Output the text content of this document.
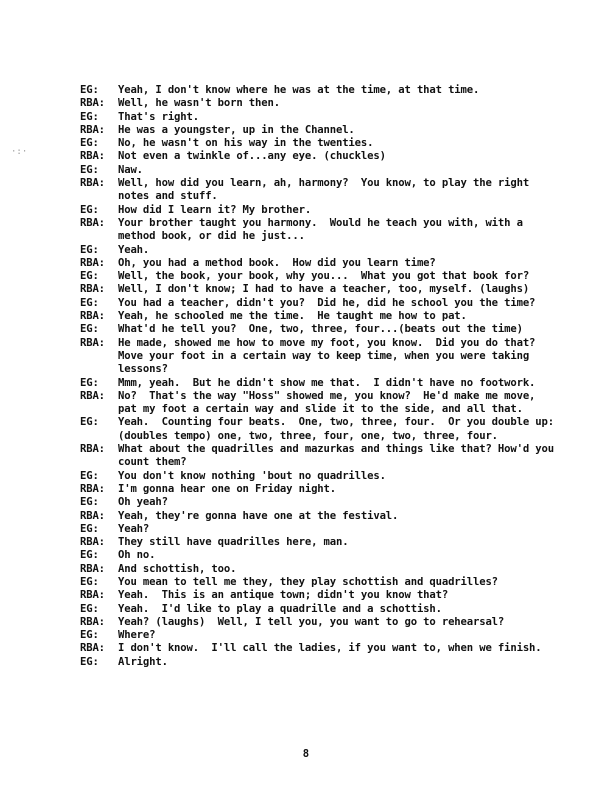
·:·
EG:	Yeah, I don't know where he was at the time, at that time.
RBA:	Well, he wasn't born then.
EG:	That's right.
RBA:	He was a youngster, up in the Channel.
EG:	No, he wasn't on his way in the twenties.
RBA:	Not even a twinkle of...any eye. (chuckles)
EG:	Naw.
RBA:	Well, how did you learn, ah, harmony?  You know, to play the right notes and stuff.
EG:	How did I learn it? My brother.
RBA:	Your brother taught you harmony.  Would he teach you with, with a method book, or did he just...
EG:	Yeah.
RBA:	Oh, you had a method book.  How did you learn time?
EG:	Well, the book, your book, why you...  What you got that book for?
RBA:	Well, I don't know; I had to have a teacher, too, myself. (laughs)
EG:	You had a teacher, didn't you?  Did he, did he school you the time?
RBA:	Yeah, he schooled me the time.  He taught me how to pat.
EG:	What'd he tell you?  One, two, three, four...(beats out the time)
RBA:	He made, showed me how to move my foot, you know.  Did you do that?  Move your foot in a certain way to keep time, when you were taking lessons?
EG:	Mmm, yeah.  But he didn't show me that.  I didn't have no footwork.
RBA:	No?  That's the way "Hoss" showed me, you know?  He'd make me move, pat my foot a certain way and slide it to the side, and all that.
EG:	Yeah.  Counting four beats.  One, two, three, four.  Or you double up: (doubles tempo) one, two, three, four, one, two, three, four.
RBA:	What about the quadrilles and mazurkas and things like that? How'd you count them?
EG:	You don't know nothing 'bout no quadrilles.
RBA:	I'm gonna hear one on Friday night.
EG:	Oh yeah?
RBA:	Yeah, they're gonna have one at the festival.
EG:	Yeah?
RBA:	They still have quadrilles here, man.
EG:	Oh no.
RBA:	And schottish, too.
EG:	You mean to tell me they, they play schottish and quadrilles?
RBA:	Yeah.  This is an antique town; didn't you know that?
EG:	Yeah.  I'd like to play a quadrille and a schottish.
RBA:	Yeah? (laughs)  Well, I tell you, you want to go to rehearsal?
EG:	Where?
RBA:	I don't know.  I'll call the ladies, if you want to, when we finish.
EG:	Alright.
8
